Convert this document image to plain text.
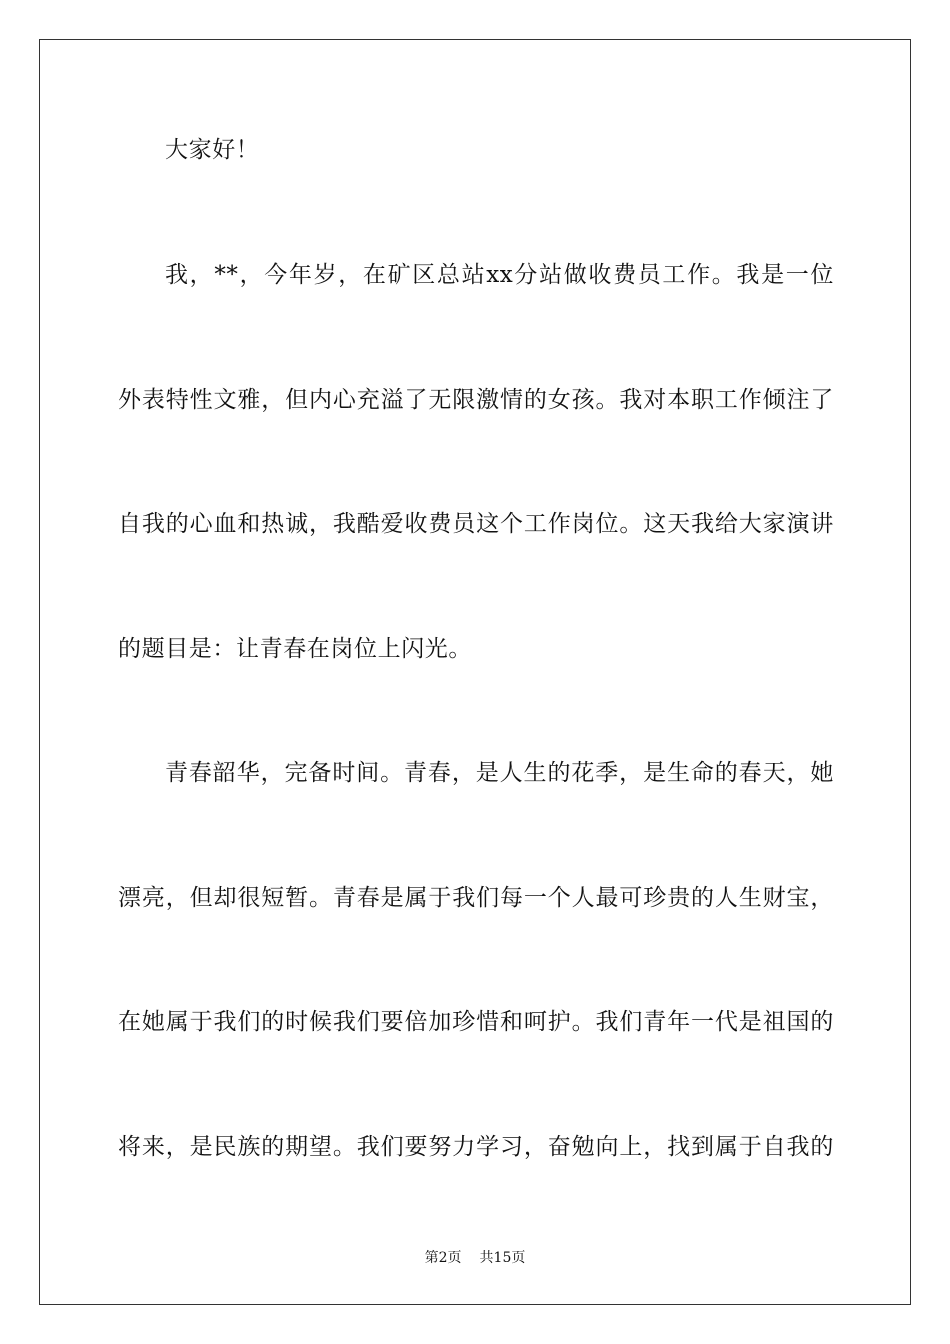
大家好！
我，**，今年岁，在矿区总站xx分站做收费员工作。我是一位
外表特性文雅，但内心充溢了无限激情的女孩。我对本职工作倾注了
自我的心血和热诚，我酷爱收费员这个工作岗位。这天我给大家演讲
的题目是：让青春在岗位上闪光。
青春韶华，完备时间。青春，是人生的花季，是生命的春天，她
漂亮，但却很短暂。青春是属于我们每一个人最可珍贵的人生财宝，
在她属于我们的时候我们要倍加珍惜和呵护。我们青年一代是祖国的
将来，是民族的期望。我们要努力学习，奋勉向上，找到属于自我的
第2页 共15页
